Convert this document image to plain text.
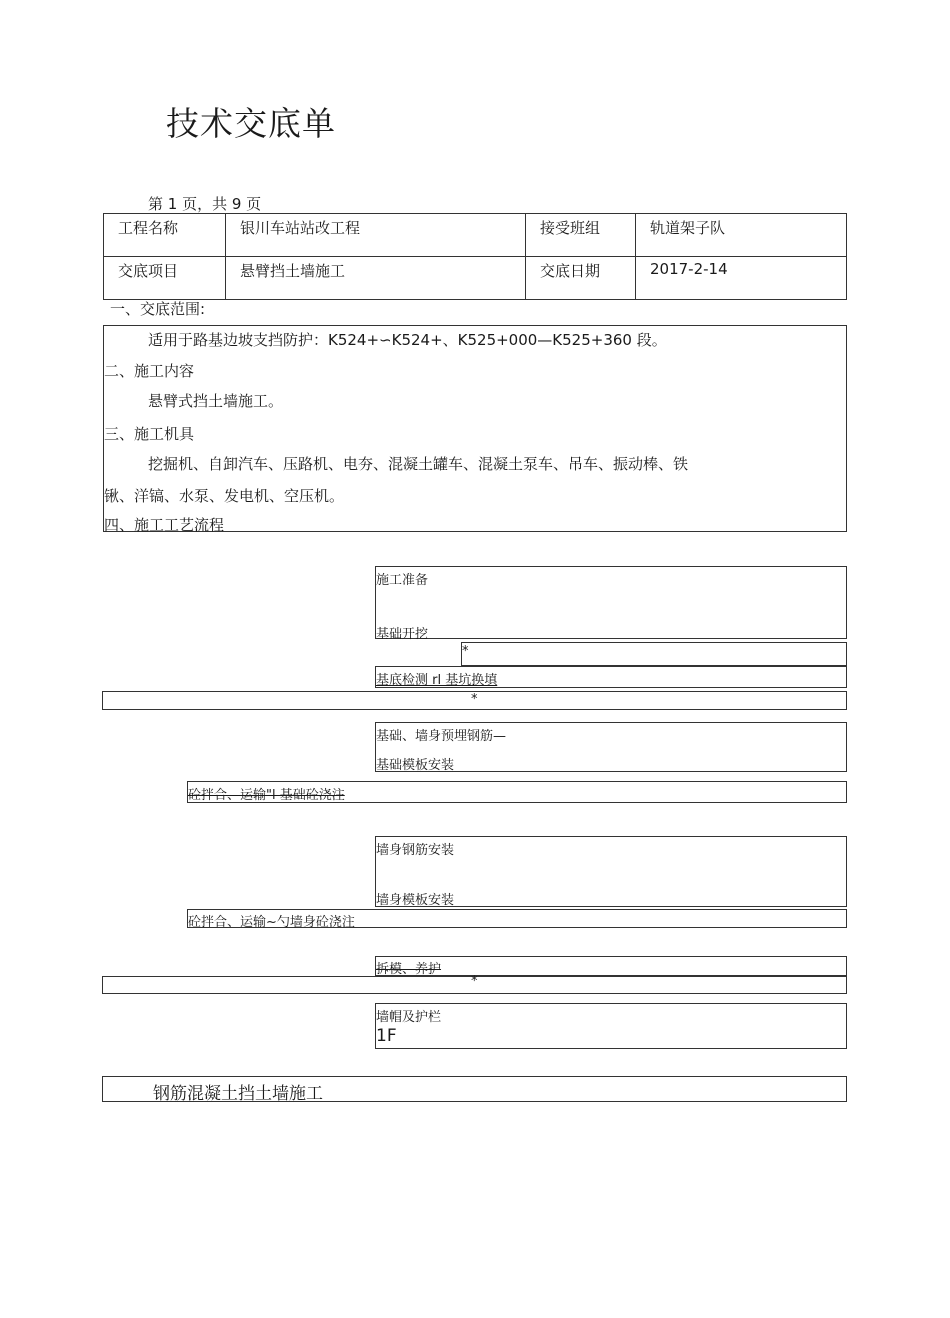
技术交底单
第 1 页，共 9 页
工程名称	银川车站站改工程	接受班组	轨道架子队
交底项目	悬臂挡土墙施工	交底日期	2017-2-14
一、交底范围:
适用于路基边坡支挡防护：K524+∽K524+、K525+000—K525+360 段。
二、施工内容
悬臂式挡土墙施工。
三、施工机具
挖掘机、自卸汽车、压路机、电夯、混凝土罐车、混凝土泵车、吊车、振动棒、铁
锹、洋镐、水泵、发电机、空压机。
四、施工工艺流程
施工准备
基础开挖
*
基底检测 rl 基坑换填
*
基础、墙身预埋钢筋—
基础模板安装
砼拌合、运输"l 基础砼浇注
墙身钢筋安装
墙身模板安装
砼拌合、运输~勺墙身砼浇注
拆模、养护
*
墙帽及护栏
1F
钢筋混凝土挡土墙施工
